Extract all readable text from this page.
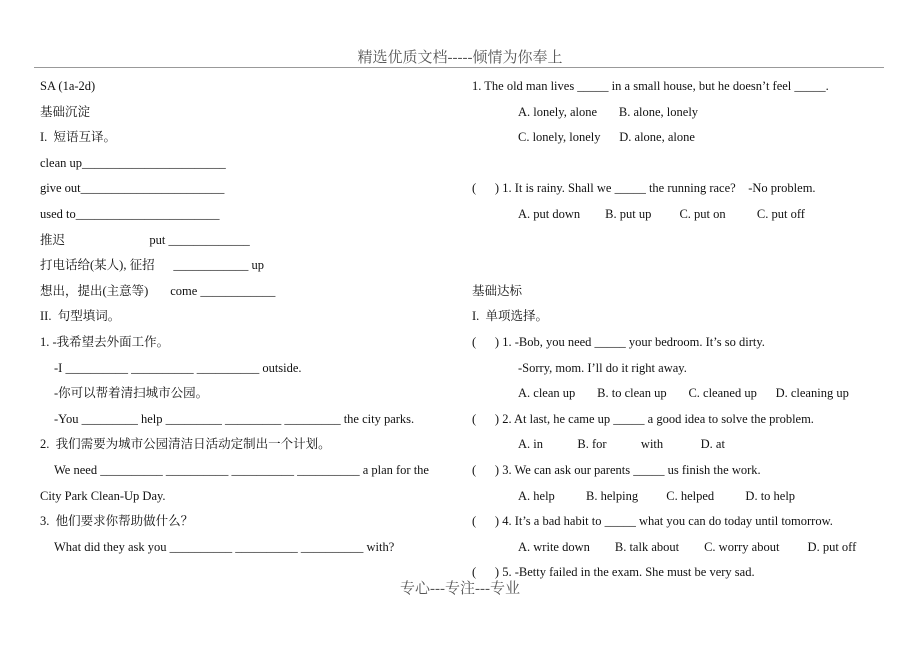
精选优质文档-----倾情为你奉上
SA (1a-2d)
基础沉淀
I.  短语互译。
clean up_______________________
give out_______________________
used to_______________________
推迟                           put _____________
打电话给(某人), 征招      ____________ up
想出，提出(主意等)       come ____________
II.  句型填词。
1. -我希望去外面工作。
-I __________ __________ __________ outside.
-你可以帮着清扫城市公园。
-You _________ help _________ _________ _________ the city parks.
2.  我们需要为城市公园清洁日活动定制出一个计划。
We need __________ __________ __________ __________ a plan for the
City Park Clean-Up Day.
3.  他们要求你帮助做什么？
What did they ask you __________ __________ __________ with?
1. The old man lives _____ in a small house, but he doesn’t feel _____.
A. lonely, alone       B. alone, lonely
C. lonely, lonely      D. alone, alone
(      ) 1. It is rainy. Shall we _____ the running race?    -No problem.
A. put down        B. put up         C. put on          C. put off
基础达标
I.  单项选择。
(      ) 1. -Bob, you need _____ your bedroom. It’s so dirty.
-Sorry, mom. I’ll do it right away.
A. clean up       B. to clean up       C. cleaned up      D. cleaning up
(      ) 2. At last, he came up _____ a good idea to solve the problem.
A. in           B. for           with            D. at
(      ) 3. We can ask our parents _____ us finish the work.
A. help          B. helping         C. helped          D. to help
(      ) 4. It’s a bad habit to _____ what you can do today until tomorrow.
A. write down        B. talk about        C. worry about         D. put off
(      ) 5. -Betty failed in the exam. She must be very sad.
专心---专注---专业
